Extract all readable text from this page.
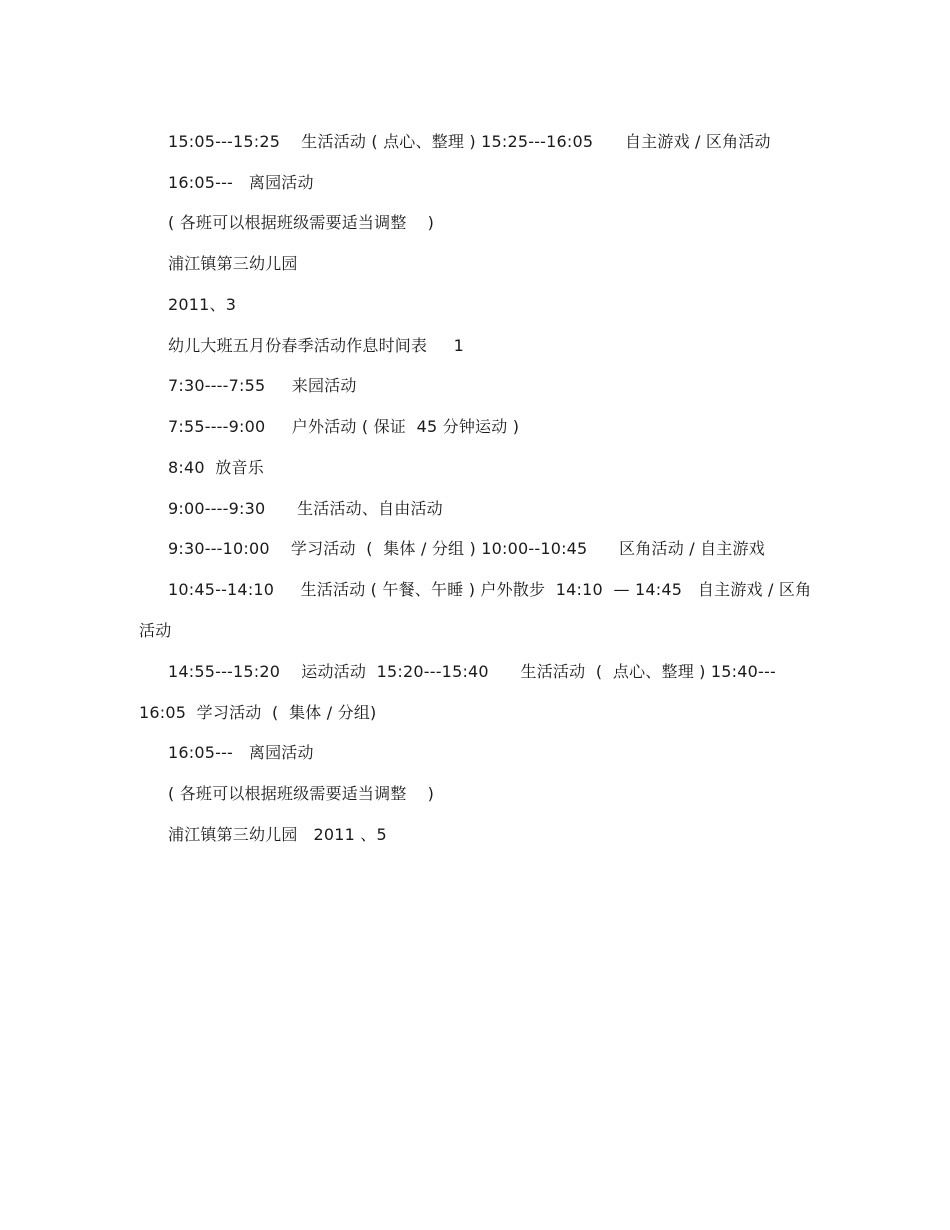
15:05---15:25    生活活动 ( 点心、整理 ) 15:25---16:05      自主游戏 / 区角活动
16:05---   离园活动
( 各班可以根据班级需要适当调整    )
浦江镇第三幼儿园
2011、3
幼儿大班五月份春季活动作息时间表     1
7:30----7:55     来园活动
7:55----9:00     户外活动 ( 保证  45 分钟运动 )
8:40  放音乐
9:00----9:30      生活活动、自由活动
9:30---10:00    学习活动  (  集体 / 分组 ) 10:00--10:45      区角活动 / 自主游戏
10:45--14:10     生活活动 ( 午餐、午睡 ) 户外散步  14:10  — 14:45   自主游戏 / 区角
活动
14:55---15:20    运动活动  15:20---15:40      生活活动  (  点心、整理 ) 15:40---
16:05  学习活动  (  集体 / 分组)
16:05---   离园活动
( 各班可以根据班级需要适当调整    )
浦江镇第三幼儿园   2011 、5
